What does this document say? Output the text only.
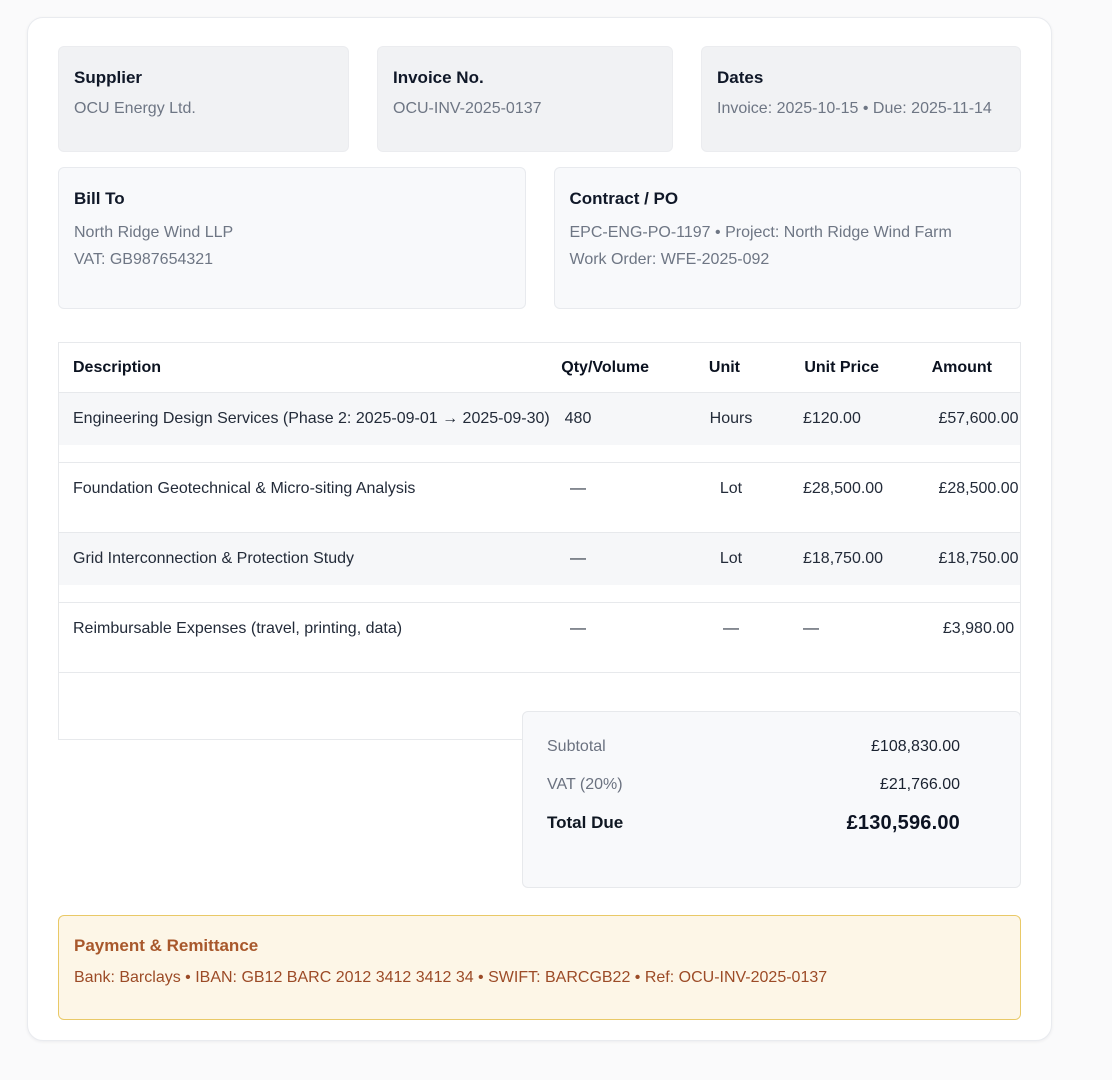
Supplier
OCU Energy Ltd.
Invoice No.
OCU-INV-2025-0137
Dates
Invoice: 2025-10-15 • Due: 2025-11-14
Bill To
North Ridge Wind LLP
VAT: GB987654321
Contract / PO
EPC-ENG-PO-1197 • Project: North Ridge Wind Farm
Work Order: WFE-2025-092
Description	Qty/Volume	Unit	Unit Price	Amount
Engineering Design Services (Phase 2: 2025-09-01 → 2025-09-30) 480	Hours	£120.00	£57,600.00
Foundation Geotechnical & Micro-siting Analysis	—	Lot	£28,500.00	£28,500.00
Grid Interconnection & Protection Study	—	Lot	£18,750.00	£18,750.00
Reimbursable Expenses (travel, printing, data)	—	—	—	£3,980.00
Subtotal	£108,830.00
VAT (20%)	£21,766.00
Total Due	£130,596.00
Payment & Remittance
Bank: Barclays • IBAN: GB12 BARC 2012 3412 3412 34 • SWIFT: BARCGB22 • Ref: OCU-INV-2025-0137
